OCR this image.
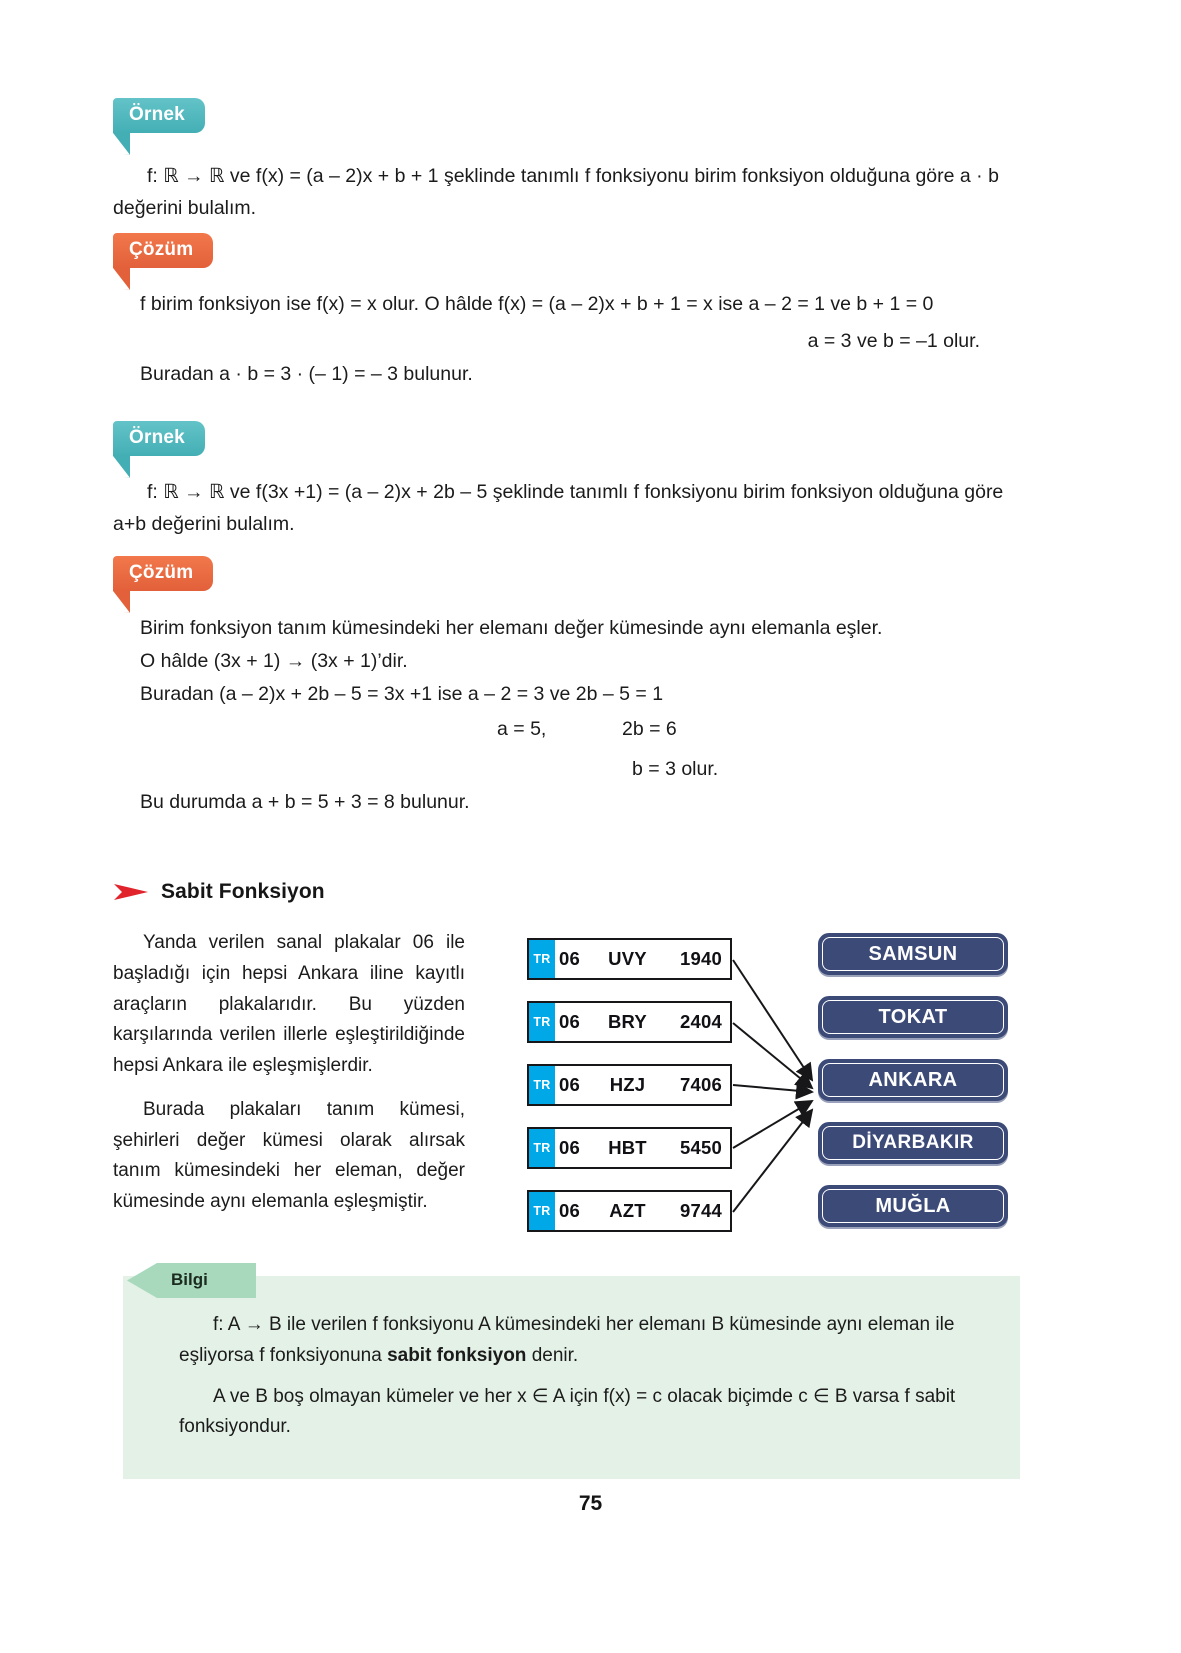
Örnek
f: ℝ → ℝ ve f(x) = (a – 2)x + b + 1 şeklinde tanımlı f fonksiyonu birim fonksiyon olduğuna göre a · b değerini bulalım.
Çözüm
f birim fonksiyon ise f(x) = x olur. O hâlde f(x) = (a – 2)x + b + 1 = x ise a – 2 = 1 ve b + 1 = 0
a = 3 ve b = –1 olur.
Buradan a · b = 3 · (– 1) = – 3 bulunur.
Örnek
f: ℝ → ℝ ve f(3x +1) = (a – 2)x + 2b – 5 şeklinde tanımlı f fonksiyonu birim fonksiyon olduğuna göre a+b değerini bulalım.
Çözüm
Birim fonksiyon tanım kümesindeki her elemanı değer kümesinde aynı elemanla eşler.
O hâlde (3x + 1) → (3x + 1)’dir.
Buradan (a – 2)x + 2b – 5 = 3x +1 ise a – 2 = 3 ve 2b – 5 = 1
a = 5,	2b = 6
b = 3 olur.
Bu durumda a + b = 5 + 3 = 8 bulunur.
Sabit Fonksiyon

Yanda verilen sanal plakalar 06 ile başladığı için hepsi Ankara iline kayıtlı araçların plakalarıdır. Bu yüzden karşılarında verilen illerle eşleştirildiğinde hepsi Ankara ile eşleşmişlerdir.

Burada plakaları tanım kümesi, şehirleri değer kümesi olarak alırsak tanım kümesindeki her eleman, değer kümesinde aynı elemanla eşleşmiştir.

TR 06	UVY	1940
TR 06	BRY	2404
TR 06	HZJ	7406
TR 06	HBT	5450
TR 06	AZT	9744
SAMSUN
TOKAT
ANKARA
DİYARBAKIR
MUĞLA
Bilgi

f: A → B ile verilen f fonksiyonu A kümesindeki her elemanı B kümesinde aynı eleman ile eşliyorsa f fonksiyonuna sabit fonksiyon denir.

A ve B boş olmayan kümeler ve her x ∈ A için f(x) = c olacak biçimde c ∈ B varsa f sabit fonksiyondur.

75
